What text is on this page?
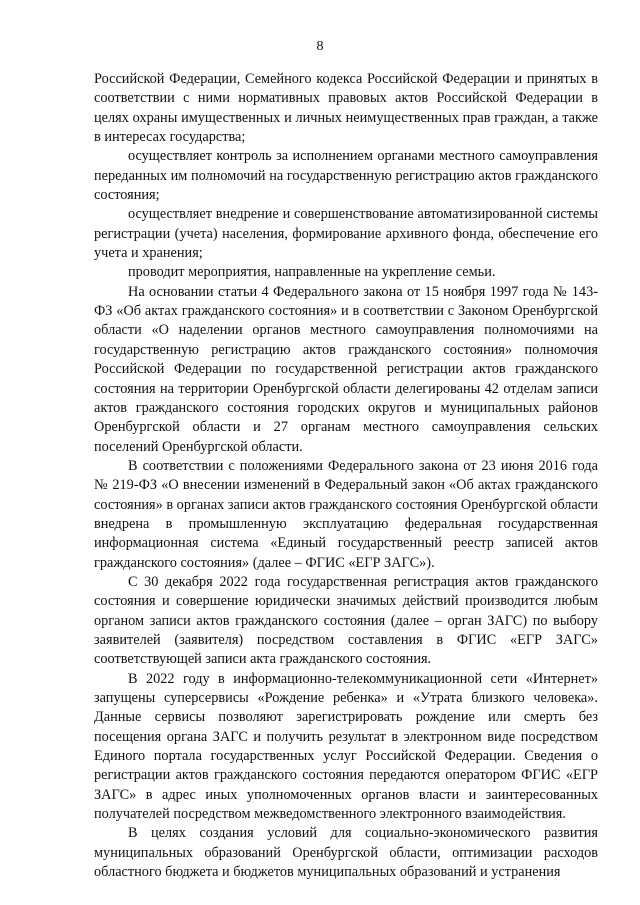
8

Российской Федерации, Семейного кодекса Российской Федерации и принятых в соответствии с ними нормативных правовых актов Российской Федерации в целях охраны имущественных и личных неимущественных прав граждан, а также в интересах государства;

осуществляет контроль за исполнением органами местного самоуправления переданных им полномочий на государственную регистрацию актов гражданского состояния;

осуществляет внедрение и совершенствование автоматизированной системы регистрации (учета) населения, формирование архивного фонда, обеспечение его учета и хранения;

проводит мероприятия, направленные на укрепление семьи.

На основании статьи 4 Федерального закона от 15 ноября 1997 года № 143-ФЗ «Об актах гражданского состояния» и в соответствии с Законом Оренбургской области «О наделении органов местного самоуправления полномочиями на государственную регистрацию актов гражданского состояния» полномочия Российской Федерации по государственной регистрации актов гражданского состояния на территории Оренбургской области делегированы 42 отделам записи актов гражданского состояния городских округов и муниципальных районов Оренбургской области и 27 органам местного самоуправления сельских поселений Оренбургской области.

В соответствии с положениями Федерального закона от 23 июня 2016 года № 219-ФЗ «О внесении изменений в Федеральный закон «Об актах гражданского состояния» в органах записи актов гражданского состояния Оренбургской области внедрена в промышленную эксплуатацию федеральная государственная информационная система «Единый государственный реестр записей актов гражданского состояния» (далее – ФГИС «ЕГР ЗАГС»).

С 30 декабря 2022 года государственная регистрация актов гражданского состояния и совершение юридически значимых действий производится любым органом записи актов гражданского состояния (далее – орган ЗАГС) по выбору заявителей (заявителя) посредством составления в ФГИС «ЕГР ЗАГС» соответствующей записи акта гражданского состояния.

В 2022 году в информационно-телекоммуникационной сети «Интернет» запущены суперсервисы «Рождение ребенка» и «Утрата близкого человека». Данные сервисы позволяют зарегистрировать рождение или смерть без посещения органа ЗАГС и получить результат в электронном виде посредством Единого портала государственных услуг Российской Федерации. Сведения о регистрации актов гражданского состояния передаются оператором ФГИС «ЕГР ЗАГС» в адрес иных уполномоченных органов власти и заинтересованных получателей посредством межведомственного электронного взаимодействия.

В целях создания условий для социально-экономического развития муниципальных образований Оренбургской области, оптимизации расходов областного бюджета и бюджетов муниципальных образований и устранения
